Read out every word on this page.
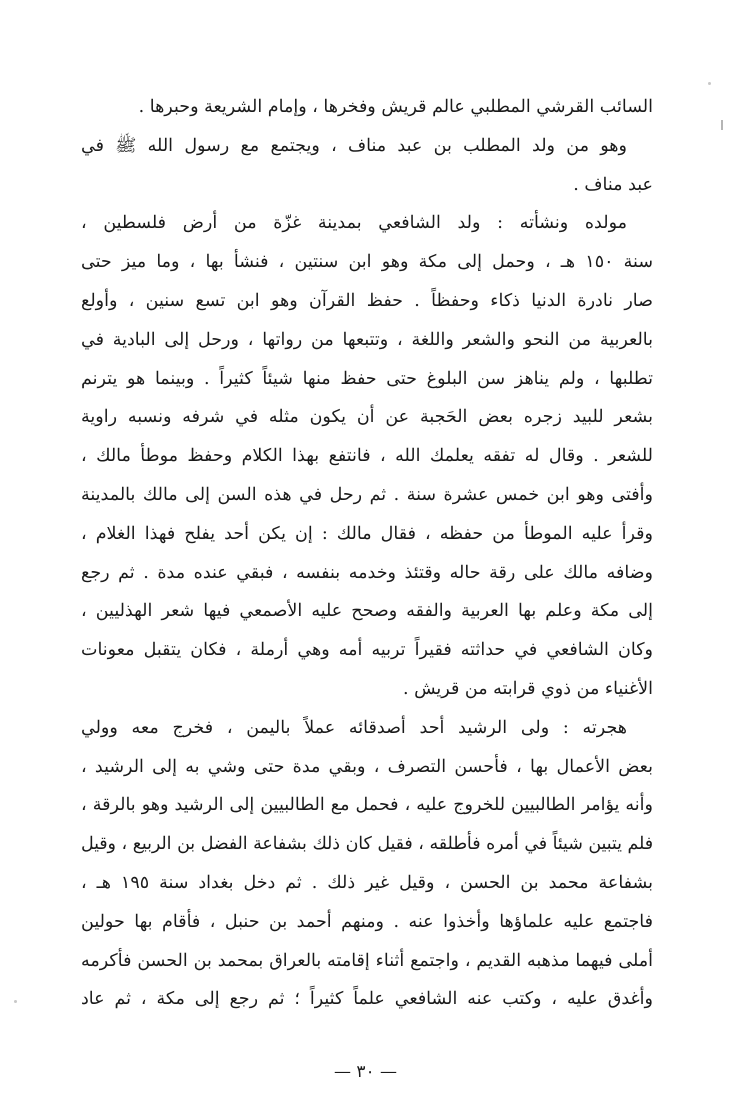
السائب القرشي المطلبي عالم قريش وفخرها ، وإمام الشريعة وحبرها .
وهو من ولد المطلب بن عبد مناف ، ويجتمع مع رسول الله ﷺ في
عبد مناف .
مولده ونشأته : ولد الشافعي بمدينة غزّة من أرض فلسطين ،
سنة ١٥٠ هـ ، وحمل إلى مكة وهو ابن سنتين ، فنشأ بها ، وما ميز حتى
صار نادرة الدنيا ذكاء وحفظاً . حفظ القرآن وهو ابن تسع سنين ، وأولع
بالعربية من النحو والشعر واللغة ، وتتبعها من رواتها ، ورحل إلى البادية في
تطلبها ، ولم يناهز سن البلوغ حتى حفظ منها شيئاً كثيراً . وبينما هو يترنم
بشعر للبيد زجره بعض الحَجبة عن أن يكون مثله في شرفه ونسبه راوية
للشعر . وقال له تفقه يعلمك الله ، فانتفع بهذا الكلام وحفظ موطأ مالك ،
وأفتى وهو ابن خمس عشرة سنة . ثم رحل في هذه السن إلى مالك بالمدينة
وقرأ عليه الموطأ من حفظه ، فقال مالك : إن يكن أحد يفلح فهذا الغلام ،
وضافه مالك على رقة حاله وقتئذ وخدمه بنفسه ، فبقي عنده مدة . ثم رجع
إلى مكة وعلم بها العربية والفقه وصحح عليه الأصمعي فيها شعر الهذليين ،
وكان الشافعي في حداثته فقيراً تربيه أمه وهي أرملة ، فكان يتقبل معونات
الأغنياء من ذوي قرابته من قريش .
هجرته : ولى الرشيد أحد أصدقائه عملاً باليمن ، فخرج معه وولي
بعض الأعمال بها ، فأحسن التصرف ، وبقي مدة حتى وشي به إلى الرشيد ،
وأنه يؤامر الطالبيين للخروج عليه ، فحمل مع الطالبيين إلى الرشيد وهو بالرقة ،
فلم يتبين شيئاً في أمره فأطلقه ، فقيل كان ذلك بشفاعة الفضل بن الربيع ، وقيل
بشفاعة محمد بن الحسن ، وقيل غير ذلك . ثم دخل بغداد سنة ١٩٥ هـ ،
فاجتمع عليه علماؤها وأخذوا عنه . ومنهم أحمد بن حنبل ، فأقام بها حولين
أملى فيهما مذهبه القديم ، واجتمع أثناء إقامته بالعراق بمحمد بن الحسن فأكرمه
وأغدق عليه ، وكتب عنه الشافعي علماً كثيراً ؛ ثم رجع إلى مكة ، ثم عاد
— ٣٠ —
